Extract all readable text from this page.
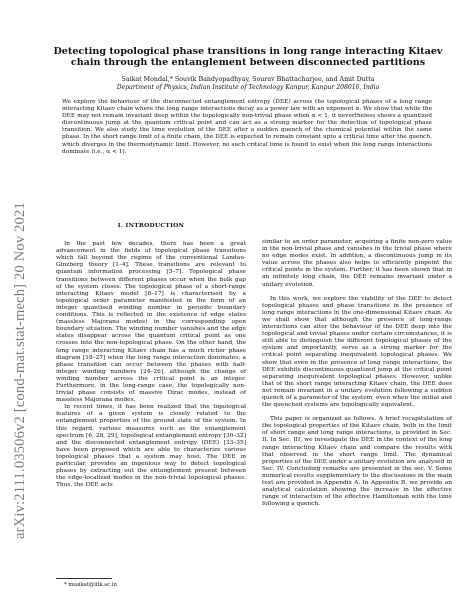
arXiv:2111.03506v2 [cond-mat.stat-mech] 20 Nov 2021

Detecting topological phase transitions in long range interacting Kitaev chain through the entanglement between disconnected partitions

Saikat Mondal,* Souvik Bandyopadhyay, Sourav Bhattacharjee, and Amit Dutta
Department of Physics, Indian Institute of Technology Kanpur, Kanpur 208016, India
We explore the behaviour of the disconnected entanglement entropy (DEE) across the topological phases of a long range interacting Kitaev chain where the long range interactions decay as a power law with an exponent α. We show that while the DEE may not remain invariant deep within the topologically non-trivial phase when α < 1, it nevertheless shows a quantized discontinuous jump at the quantum critical point and can act as a strong marker for the detection of topological phase transition. We also study the time evolution of the DEE after a sudden quench of the chemical potential within the same phase. In the short range limit of a finite chain, the DEE is expected to remain constant upto a critical time after the quench, which diverges in the thermodynamic limit. However, no such critical time is found to exist when the long range interactions dominate (i.e., α < 1).
I. INTRODUCTION

In the past few decades, there has been a great advancement in the fields of topological phase transitions which fall beyond the regime of the conventional Landau-Ginzberg theory [1–4]. These transitions are relevant to quantum information processing [5–7]. Topological phase transitions between different phases occur when the bulk gap of the system closes. The topological phase of a short-range interacting Kitaev model [8–17] is characterised by a topological order parameter manifested in the form of an integer quantised winding number in periodic boundary conditions. This is reflected in the existence of edge states (massless Majorana modes) in the corresponding open boundary situation. The winding number vanishes and the edge states disappear across the quantum critical point as one crosses into the non-topological phase. On the other hand, the long range interacting Kitaev chain has a much richer phase diagram [18–27] when the long range interaction dominates; a phase transition can occur between the phases with half-integer winding numbers [24–26], although the change of winding number across the critical point is an integer. Furthermore, in the long-range case, the topologically non-trivial phase consists of massive Dirac modes, instead of massless Majorana modes.

In recent times, it has been realized that the topological features of a given system is closely related to the entanglement properties of the ground state of the system. In this regard, various measures such as the entanglement spectrum [6, 28, 29], topological entanglement entropy [30–32] and the disconnected entanglement entropy (DEE) [33–35] have been proposed which are able to characterize various topological phases that a system may host. The DEE in particular, provides an ingenious way to detect topological phases by extracting out the entanglement present between the edge-localized modes in the non-trivial topological phases. Thus, the DEE acts

similar to an order parameter, acquiring a finite non-zero value in the non-trivial phase and vanishes in the trivial phase where no edge modes exist. In addition, a discontinuous jump in its value across the phases also helps to efficiently pinpoint the critical points in the system. Further, it has been shown that in an infinitely long chain, the DEE remains invariant under a unitary evolution.

In this work, we explore the viability of the DEE to detect topological phases and phase transitions in the presence of long range interactions in the one-dimensional Kitaev chain. As we shall show that although the presence of long-range interactions can alter the behaviour of the DEE deep into the topological and trivial phases under certain circumstances, it is still able to distinguish the different topological phases of the system and importantly, serve as a strong marker for the critical point separating inequivalent topological phases. We show that even in the presence of long range interactions, the DEE exhibits discontinuous quantized jump at the critical point separating inequivalent topological phases. However, unlike that of the short range interacting Kitaev chain, the DEE does not remain invariant in a unitary evolution following a sudden quench of a parameter of the system, even when the initial and the quenched systems are topologically equivalent.

This paper is organized as follows. A brief recapitulation of the topological properties of the Kitaev chain, both in the limit of short range and long range interactions, is provided in Sec. II. In Sec. III, we investigate the DEE in the context of the long range interacting Kitaev chain and compare the results with that observed in the short range limit. The dynamical properties of the DEE under a unitary evolution are analysed in Sec. IV. Concluding remarks are presented in the sec. V. Some numerical results supplementary to the discussions in the main text are provided in Appendix A. In Appendix B, we provide an analytical calculation showing the increase in the effective range of interaction of the effective Hamiltonian with the time following a quench.

* msaikat@iitk.ac.in
